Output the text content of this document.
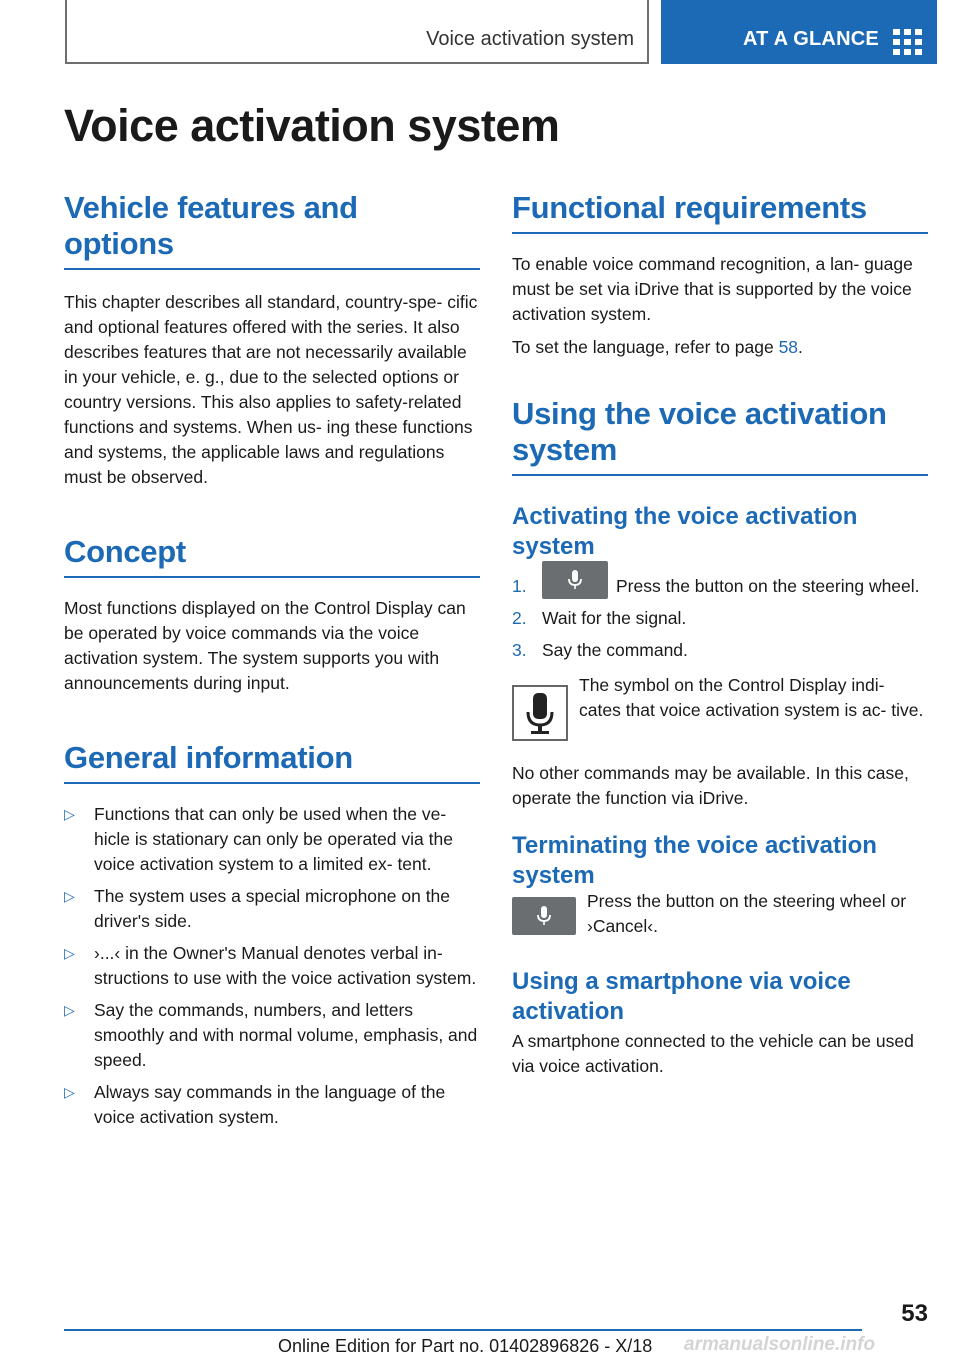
Voice activation system	AT A GLANCE
Voice activation system
Vehicle features and options

This chapter describes all standard, country-spe- cific and optional features offered with the series. It also describes features that are not necessarily available in your vehicle, e. g., due to the selected options or country versions. This also applies to safety-related functions and systems. When us- ing these functions and systems, the applicable laws and regulations must be observed.

Concept

Most functions displayed on the Control Display can be operated by voice commands via the voice activation system. The system supports you with announcements during input.

General information
▷ Functions that can only be used when the ve- hicle is stationary can only be operated via the voice activation system to a limited ex- tent.
▷ The system uses a special microphone on the driver's side.
▷ ›...‹ in the Owner's Manual denotes verbal in- structions to use with the voice activation system.
▷ Say the commands, numbers, and letters smoothly and with normal volume, emphasis, and speed.
▷ Always say commands in the language of the voice activation system.
Functional requirements

To enable voice command recognition, a lan- guage must be set via iDrive that is supported by the voice activation system.

To set the language, refer to page 58.

Using the voice activation system
Activating the voice activation system
1.	Press the button on the steering wheel.
2. Wait for the signal.
3. Say the command.

The symbol on the Control Display indi- cates that voice activation system is ac- tive.

No other commands may be available. In this case, operate the function via iDrive.

Terminating the voice activation system

Press the button on the steering wheel or ›Cancel‹.

Using a smartphone via voice activation

A smartphone connected to the vehicle can be used via voice activation.

53
Online Edition for Part no. 01402896826 - X/18 armanualsonline.info
